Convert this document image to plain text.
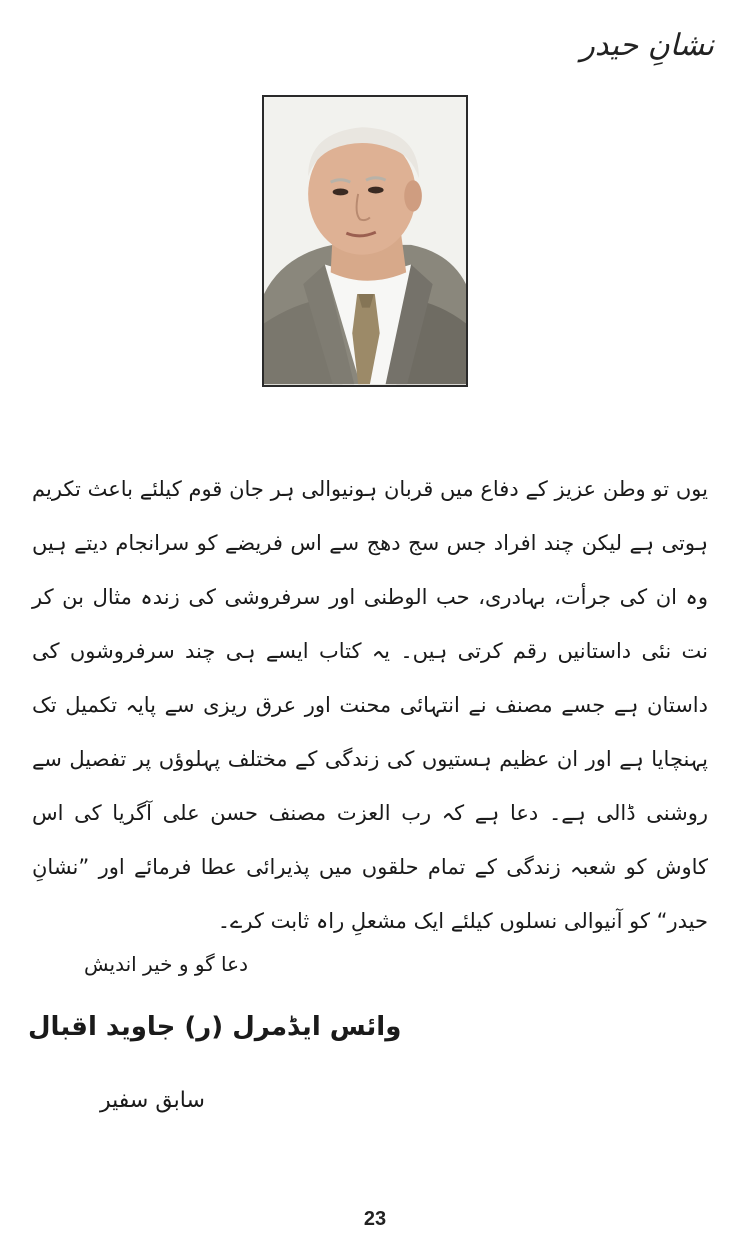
نشانِ حیدر
یوں تو وطن عزیز کے دفاع میں قربان ہونیوالی ہر جان قوم کیلئے باعث تکریم ہوتی ہے لیکن چند افراد جس سج دھج سے اس فریضے کو سرانجام دیتے ہیں وہ ان کی جرأت، بہادری، حب الوطنی اور سرفروشی کی زندہ مثال بن کر نت نئی داستانیں رقم کرتی ہیں۔ یہ کتاب ایسے ہی چند سرفروشوں کی داستان ہے جسے مصنف نے انتہائی محنت اور عرق ریزی سے پایہ تکمیل تک پہنچایا ہے اور ان عظیم ہستیوں کی زندگی کے مختلف پہلوؤں پر تفصیل سے روشنی ڈالی ہے۔ دعا ہے کہ رب العزت مصنف حسن علی آگریا کی اس کاوش کو شعبہ زندگی کے تمام حلقوں میں پذیرائی عطا فرمائے اور ”نشانِ حیدر“ کو آنیوالی نسلوں کیلئے ایک مشعلِ راہ ثابت کرے۔
دعا گو و خیر اندیش
وائس ایڈمرل (ر) جاوید اقبال
سابق سفیر
23
